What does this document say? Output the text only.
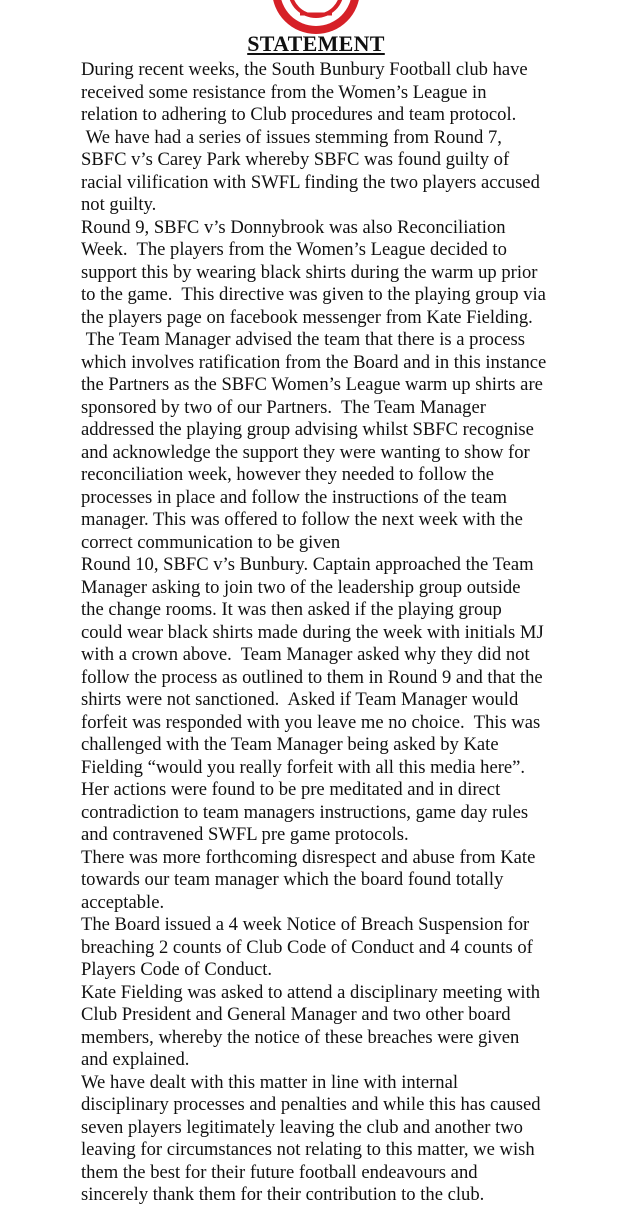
STATEMENT

During recent weeks, the South Bunbury Football club have
received some resistance from the Women’s League in
relation to adhering to Club procedures and team protocol.

We have had a series of issues stemming from Round 7,
SBFC v’s Carey Park whereby SBFC was found guilty of
racial vilification with SWFL finding the two players accused
not guilty.

Round 9, SBFC v’s Donnybrook was also Reconciliation
Week.  The players from the Women’s League decided to
support this by wearing black shirts during the warm up prior
to the game.  This directive was given to the playing group via
the players page on facebook messenger from Kate Fielding.

The Team Manager advised the team that there is a process
which involves ratification from the Board and in this instance
the Partners as the SBFC Women’s League warm up shirts are
sponsored by two of our Partners.  The Team Manager
addressed the playing group advising whilst SBFC recognise
and acknowledge the support they were wanting to show for
reconciliation week, however they needed to follow the
processes in place and follow the instructions of the team
manager. This was offered to follow the next week with the
correct communication to be given

Round 10, SBFC v’s Bunbury. Captain approached the Team
Manager asking to join two of the leadership group outside
the change rooms. It was then asked if the playing group
could wear black shirts made during the week with initials MJ
with a crown above.  Team Manager asked why they did not
follow the process as outlined to them in Round 9 and that the
shirts were not sanctioned.  Asked if Team Manager would
forfeit was responded with you leave me no choice.  This was
challenged with the Team Manager being asked by Kate
Fielding “would you really forfeit with all this media here”.
Her actions were found to be pre meditated and in direct
contradiction to team managers instructions, game day rules
and contravened SWFL pre game protocols.

There was more forthcoming disrespect and abuse from Kate
towards our team manager which the board found totally
acceptable.

The Board issued a 4 week Notice of Breach Suspension for
breaching 2 counts of Club Code of Conduct and 4 counts of
Players Code of Conduct.

Kate Fielding was asked to attend a disciplinary meeting with
Club President and General Manager and two other board
members, whereby the notice of these breaches were given
and explained.

We have dealt with this matter in line with internal
disciplinary processes and penalties and while this has caused
seven players legitimately leaving the club and another two
leaving for circumstances not relating to this matter, we wish
them the best for their future football endeavours and
sincerely thank them for their contribution to the club.
